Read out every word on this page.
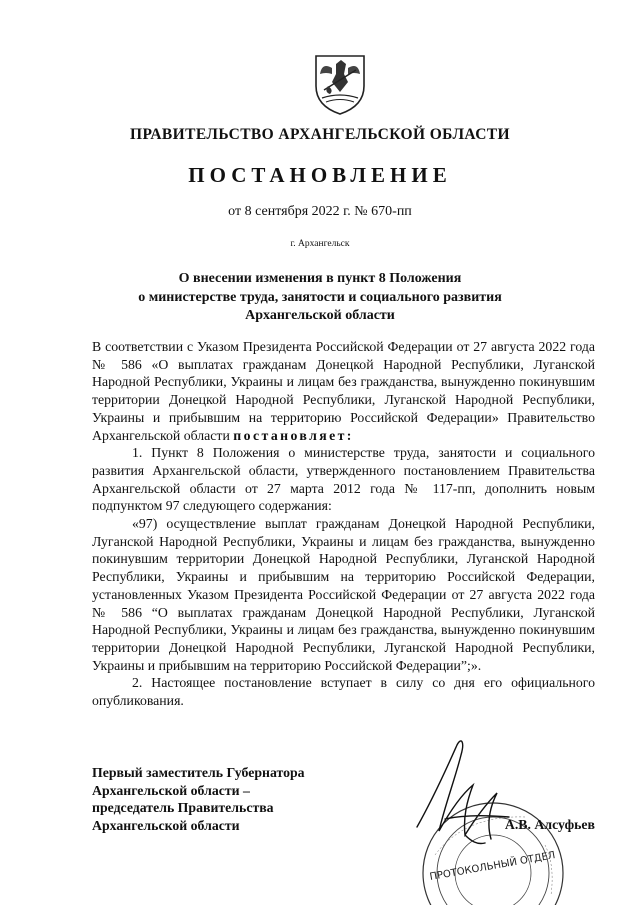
ПРАВИТЕЛЬСТВО АРХАНГЕЛЬСКОЙ ОБЛАСТИ
ПОСТАНОВЛЕНИЕ
от 8 сентября 2022 г. № 670-пп
г. Архангельск
О внесении изменения в пункт 8 Положения
о министерстве труда, занятости и социального развития
Архангельской области

В соответствии с Указом Президента Российской Федерации от 27 августа 2022 года № 586 «О выплатах гражданам Донецкой Народной Республики, Луганской Народной Республики, Украины и лицам без гражданства, вынужденно покинувшим территории Донецкой Народной Республики, Луганской Народной Республики, Украины и прибывшим на территорию Российской Федерации» Правительство Архангельской области постановляет:

1. Пункт 8 Положения о министерстве труда, занятости и социального развития Архангельской области, утвержденного постановлением Правительства Архангельской области от 27 марта 2012 года № 117-пп, дополнить новым подпунктом 97 следующего содержания:

«97) осуществление выплат гражданам Донецкой Народной Республики, Луганской Народной Республики, Украины и лицам без гражданства, вынужденно покинувшим территории Донецкой Народной Республики, Луганской Народной Республики, Украины и прибывшим на территорию Российской Федерации, установленных Указом Президента Российской Федерации от 27 августа 2022 года № 586 “О выплатах гражданам Донецкой Народной Республики, Луганской Народной Республики, Украины и лицам без гражданства, вынужденно покинувшим территории Донецкой Народной Республики, Луганской Народной Республики, Украины и прибывшим на территорию Российской Федерации”;».

2. Настоящее постановление вступает в силу со дня его официального опубликования.

Первый заместитель Губернатора
Архангельской области –
председатель Правительства
Архангельской области
ПРОТОКОЛЬНЫЙ ОТДЕЛ
А.В. Алсуфьев
